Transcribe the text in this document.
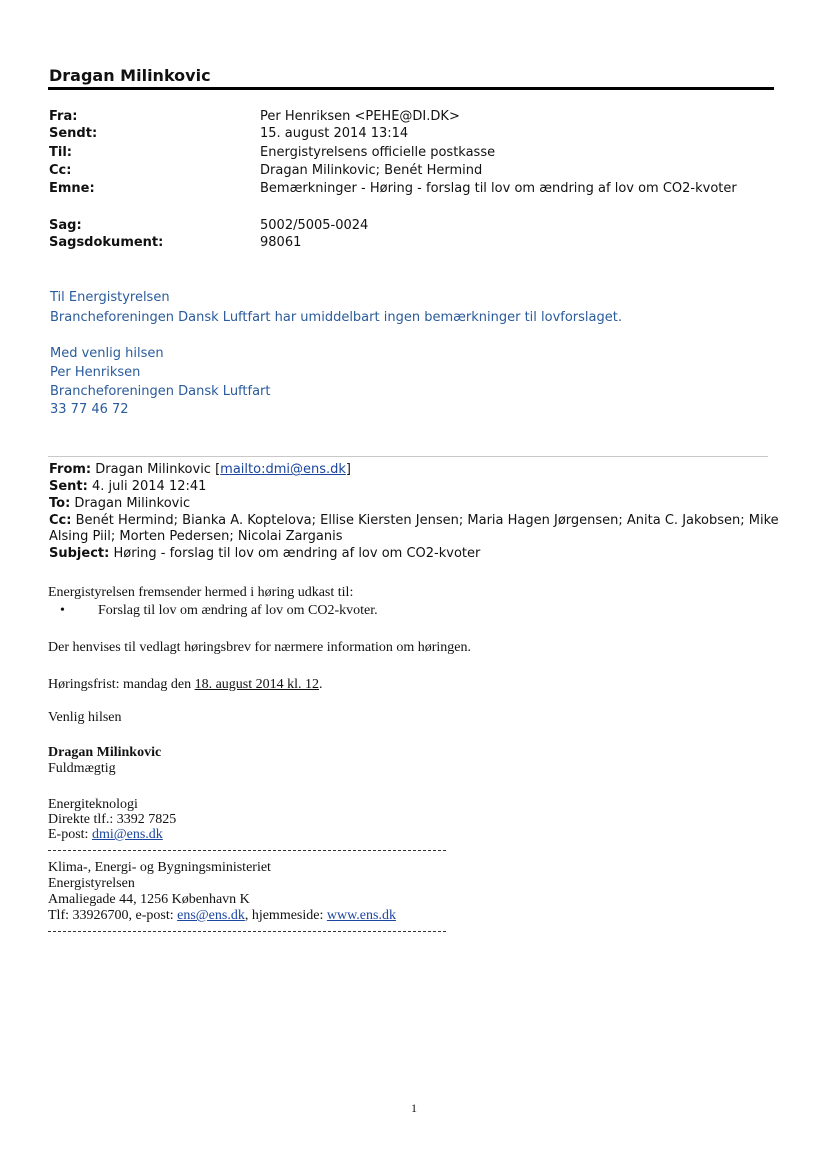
Dragan Milinkovic
Fra:	Per Henriksen <PEHE@DI.DK>
Sendt:	15. august 2014 13:14
Til:	Energistyrelsens officielle postkasse
Cc:	Dragan Milinkovic; Benét Hermind
Emne:	Bemærkninger - Høring - forslag til lov om ændring af lov om CO2-kvoter
Sag:	5002/5005-0024
Sagsdokument:	98061
Til Energistyrelsen
Brancheforeningen Dansk Luftfart har umiddelbart ingen bemærkninger til lovforslaget.
Med venlig hilsen
Per Henriksen
Brancheforeningen Dansk Luftfart
33 77 46 72
From: Dragan Milinkovic [mailto:dmi@ens.dk]
Sent: 4. juli 2014 12:41
To: Dragan Milinkovic
Cc: Benét Hermind; Bianka A. Koptelova; Ellise Kiersten Jensen; Maria Hagen Jørgensen; Anita C. Jakobsen; Mike
Alsing Piil; Morten Pedersen; Nicolai Zarganis
Subject: Høring - forslag til lov om ændring af lov om CO2-kvoter
Energistyrelsen fremsender hermed i høring udkast til:
• Forslag til lov om ændring af lov om CO2-kvoter.
Der henvises til vedlagt høringsbrev for nærmere information om høringen.
Høringsfrist: mandag den 18. august 2014 kl. 12.
Venlig hilsen
Dragan Milinkovic
Fuldmægtig
Energiteknologi
Direkte tlf.: 3392 7825
E-post: dmi@ens.dk
Klima-, Energi- og Bygningsministeriet
Energistyrelsen
Amaliegade 44, 1256 København K
Tlf: 33926700, e-post: ens@ens.dk, hjemmeside: www.ens.dk
1
